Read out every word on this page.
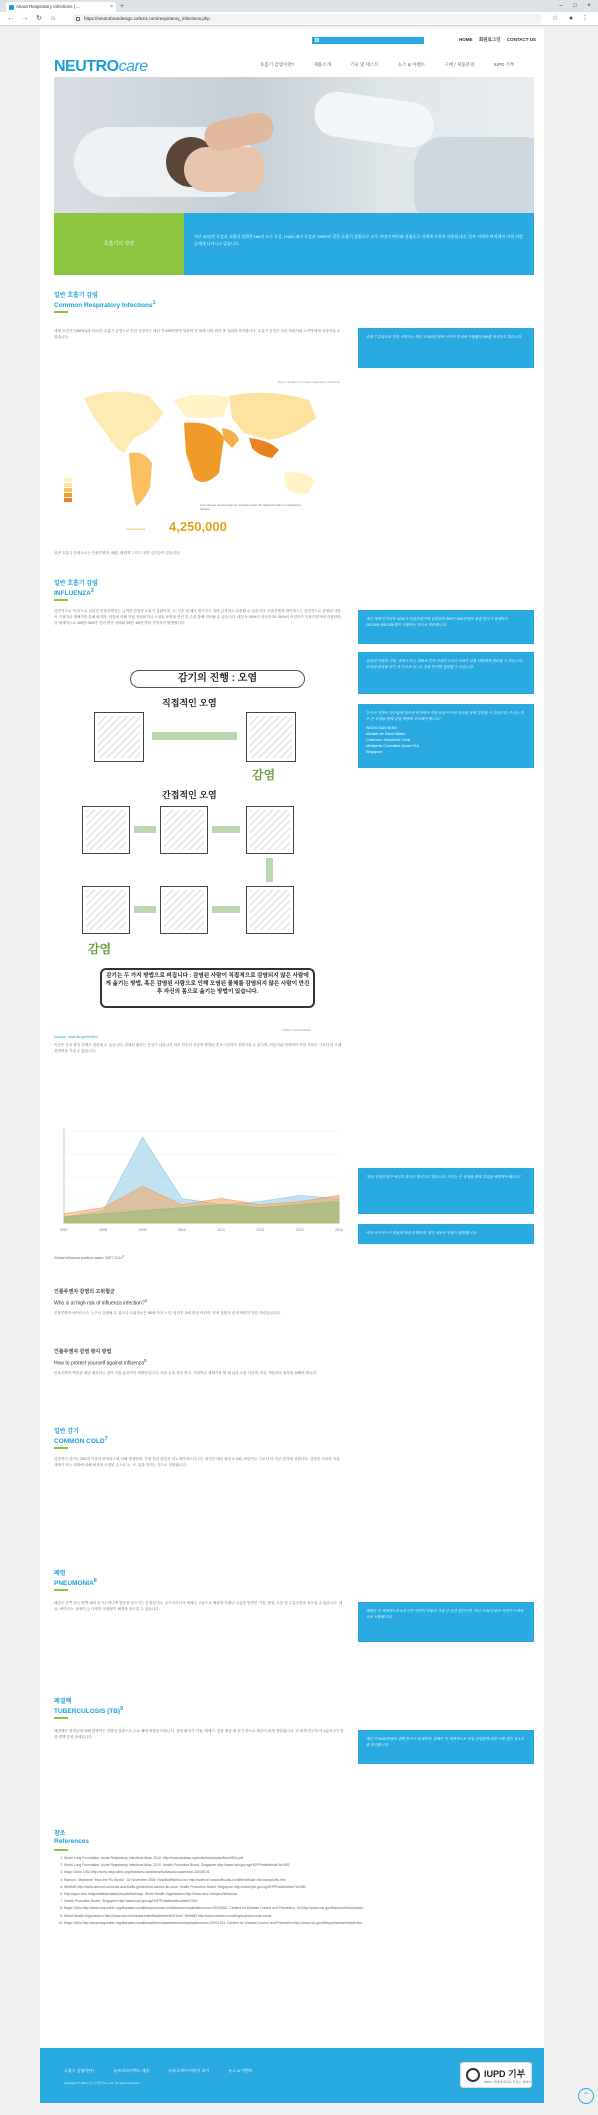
About Respiratory Infections | ...	× +	–	□	×
← → ↻	⌂	https://neutrobrandesign.cafe24.com/respiratory_infections.php	☆	●	⋮
HOME 회원로그인 CONTACT US
NEUTROcare	호흡기 감염이란?	제품소개	기술 및 테스트	뉴스 & 이벤트	구매 / 제품문의	IUPD 기부
호흡기의 감염
지난 20년간 독감과 호흡기 질환은 Hib의 모든 독감, H1N1 돼지 독감과 "MERS" 같은 호흡기 질환으로 더욱 치명적 변이와 전염으로 전세계 사람의 사용합니다. 일부 지역의 면역력이 약한 사람들에게 나타나고 있습니다.
일반 호흡기 감염
Common Respiratory Infections$^1$
세계 보건기구(WHO)에 따르면, 호흡기 감염으로 인한 사망자는 매년 약 425만명에 달하며 전 세계 사망 원인 중 상위를 차지합니다. 호흡기 감염은 특히 어린이와 노약자에게 치명적일 수 있습니다.	호흡기 감염으로 인한 사망자는 매년 약 425만명에 이르며 전세계 사망률의 6%를 차지하고 있습니다.
Map of deaths from lower respiratory infections
Low income and developing countries bear the highest burden of respiratory disease
Annual deaths 4,250,000
일반 호흡기 감염으로는 인플루엔자, 폐렴, 폐결핵 그리고 일반 감기등이 있습니다.
일반 호흡기 감염
INFLUENZA$^2$
일반적으로 '독감'으로 알려진 인플루엔자는 급격한 전염성 호흡기 질환이며, 코, 인후 및 폐로 번지기도 하며 급격하고 위중할 수 있습니다. 인플루엔자 바이러스는 일반적으로 감염된 사람의 기침이나 재채기를 통해 퍼지며, 비말에 의해 직접 전염되거나 오염된 표면을 만진 후 손을 통해 전파될 수 있습니다. 매년 5~10%의 성인과 20~30%의 어린이가 인플루엔자에 감염되며, 전 세계적으로 300만~500만 건의 중증 사례와 29만~65만 명의 사망자가 발생합니다.
매년 세계 인구의 5~10%가 인플루엔자에 감염되며 300만~500만명의 중증 환자가 발생하고 290,000~650,000명이 사망하는 것으로 추산됩니다.
감염된 사람의 기침, 재채기 또는 대화로 인한 비말은 2미터 이내의 다른 사람에게 전파될 수 있습니다. 오염된 표면을 만진 후 손으로 눈, 코, 입을 만지면 감염될 수 있습니다.
"2~3주 전부터 연구들에 따르면 면역력이 약한 분들이 이런 방식을 통해 감염될 수 있습니다. 우리는 모두 손 위생을 통해 감염 예방에 주의해야 합니다."
WONG KAN SENG
Minister for Home Affairs
Chairman, Homefront Crisis
Ministerial Committee (Avian Flu)
Singapore
감기의 진행 : 오염
직접적인 오염
감염
간접적인 오염
감염
감기는 두 가지 방법으로 퍼집니다 : 감염된 사람이 직접적으로 감염되지 않은 사람에게 옮기는 방법, 혹은 감염된 사람으로 인해 오염된 물체를 감염되지 않은 사람이 만진 후 자신의 몸으로 옮기는 방법이 있습니다.
©2004 markoll/Medici
(source: www.flu.gov/index)
독감은 증상 확인 전에도 전파될 수 있습니다. 감염된 환자는 증상이 나타나기 하루 전부터 증상이 발현된 후 5~7일까지 전염시킬 수 있으며, 어린이와 면역력이 약한 사람은 그보다 더 오래 전염력을 가질 수 있습니다.
2007	2008	2009	2010	2011	2012	2013	2014
Global influenza positive cases, 2007-2014$^3$
"최근 인플루엔자 백신의 효과가 떨어지고 있습니다. 우리는 손 위생을 통해 감염을 예방해야 합니다."
여러 바이러스가 계절에 따라 유행하며, 매년 새로운 변종이 출현합니다.
인플루엔자 감염의 고위험군
Who is at high risk of influenza infection?$^4$
인플루엔자 바이러스는 누구나 감염될 수 있으나 고위험군은 65세 이상 노인, 임산부, 5세 미만 어린이, 만성 질환자 및 면역력이 약한 사람들입니다.
인플루엔자 감염 방지 방법
How to protect yourself against influenza$^5$
인플루엔자 백신을 매년 접종하는 것이 가장 효과적인 예방법입니다. 또한 손을 자주 씻고, 기침이나 재채기를 할 때 입과 코를 가리며, 아픈 사람과의 접촉을 피해야 합니다.
일반 감기
COMMON COLD$^7$
일반적인 감기는 200개 이상의 바이러스에 의해 발생하며, 가장 흔한 원인은 리노바이러스입니다. 성인은 매년 평균 2~3회, 어린이는 그보다 더 자주 감기에 걸립니다. 감염된 사람의 기침, 재채기 또는 대화에 의해 퍼지며 오염된 손으로 눈, 코, 입을 만지는 것으로 전염됩니다.
폐렴
PNEUMONIA$^8$
폐렴은 한쪽 또는 양쪽 폐의 공기주머니에 염증을 일으키는 감염입니다. 공기주머니가 액체나 고름으로 채워져 가래나 고름을 동반한 기침, 발열, 오한 및 호흡곤란을 일으킬 수 있습니다. 세균, 바이러스, 곰팡이 등 다양한 미생물이 폐렴을 일으킬 수 있습니다.	폐렴은 전 세계적으로 5세 미만 어린이 사망의 가장 큰 감염 원인이며, 매년 약 90만명의 어린이가 폐렴으로 사망합니다.
폐결핵
TUBERCULOSIS (TB)$^9$
폐결핵은 결핵균에 의해 발생하는 감염성 질환으로 주로 폐에 영향을 미칩니다. 결핵 환자가 기침, 재채기, 침을 뱉을 때 공기 중으로 세균이 퍼져 전염됩니다. 전 세계 인구의 약 4분의 1이 잠복 결핵 감염 상태입니다.	매년 약 1000만명의 결핵 환자가 발생하며, 결핵은 전 세계적으로 단일 감염원에 의한 사망 원인 중 1위를 차지합니다.
참조
References
1. World Lung Foundation, Acute Respiratory Infections Atlas, 2010. http://www.ariatlas.org/tools/downloads/files/ARIA.pdf
2. World Lung Foundation, Acute Respiratory Infections Atlas, 2010. Health Promotion Board, Singapore http://www.hpb.gov.sg/HOPPortal/article?id=552
3. Mayo Clinic, USA http://www.mayoclinic.org/diseases-conditions/flu/basics/causes/con-20035101
4. Ranson, Stephanie "How the Flu Works". 02 November 2004. HowStuffWorks.com http://science.howstuffworks.com/life/cellular-microscopic/flu.htm
5. WebMD http://www.webmd.com/cold-and-flu/flu-guide/what-causes-flu-virus. Health Promotion Board, Singapore http://www.hpb.gov.sg/HOPPortal/article?id=552
6. http://apps.who.int/globalatlas/dataQuery/default.asp. World Health Organization http://www.who.int/topics/influenza
7. Health Promotion Board, Singapore http://www.hpb.gov.sg/HOPPortal/health-article/7040
8. Mayo Clinic http://www.mayoclinic.org/diseases-conditions/common-cold/basics/complications/con-20019062. Centers for Disease Control and Prevention, US http://www.cdc.gov/features/rhinoviruses
9. World Health Organization http://www.who.int/mediacentre/factsheets/fs331/en/. WebMD http://www.webmd.com/lung/tc/pneumonia-cause
10. Mayo Clinic http://www.mayoclinic.org/diseases-conditions/tuberculosis/basics/complications/con-20021761. Centers for Disease Control and Prevention http://www.cdc.gov/tb/topic/basics/default.htm
호흡기 감염이란?	뉴트라다이렉스 제품	뉴트로케어 이야기 하기	뉴스 & 이벤트
Copyright © 2015 뉴트로케어 Co.,Ltd. All rights reserved.
IUPD 기부
IUPD | 세계에 희망을 전하는 캠페인
⌃
